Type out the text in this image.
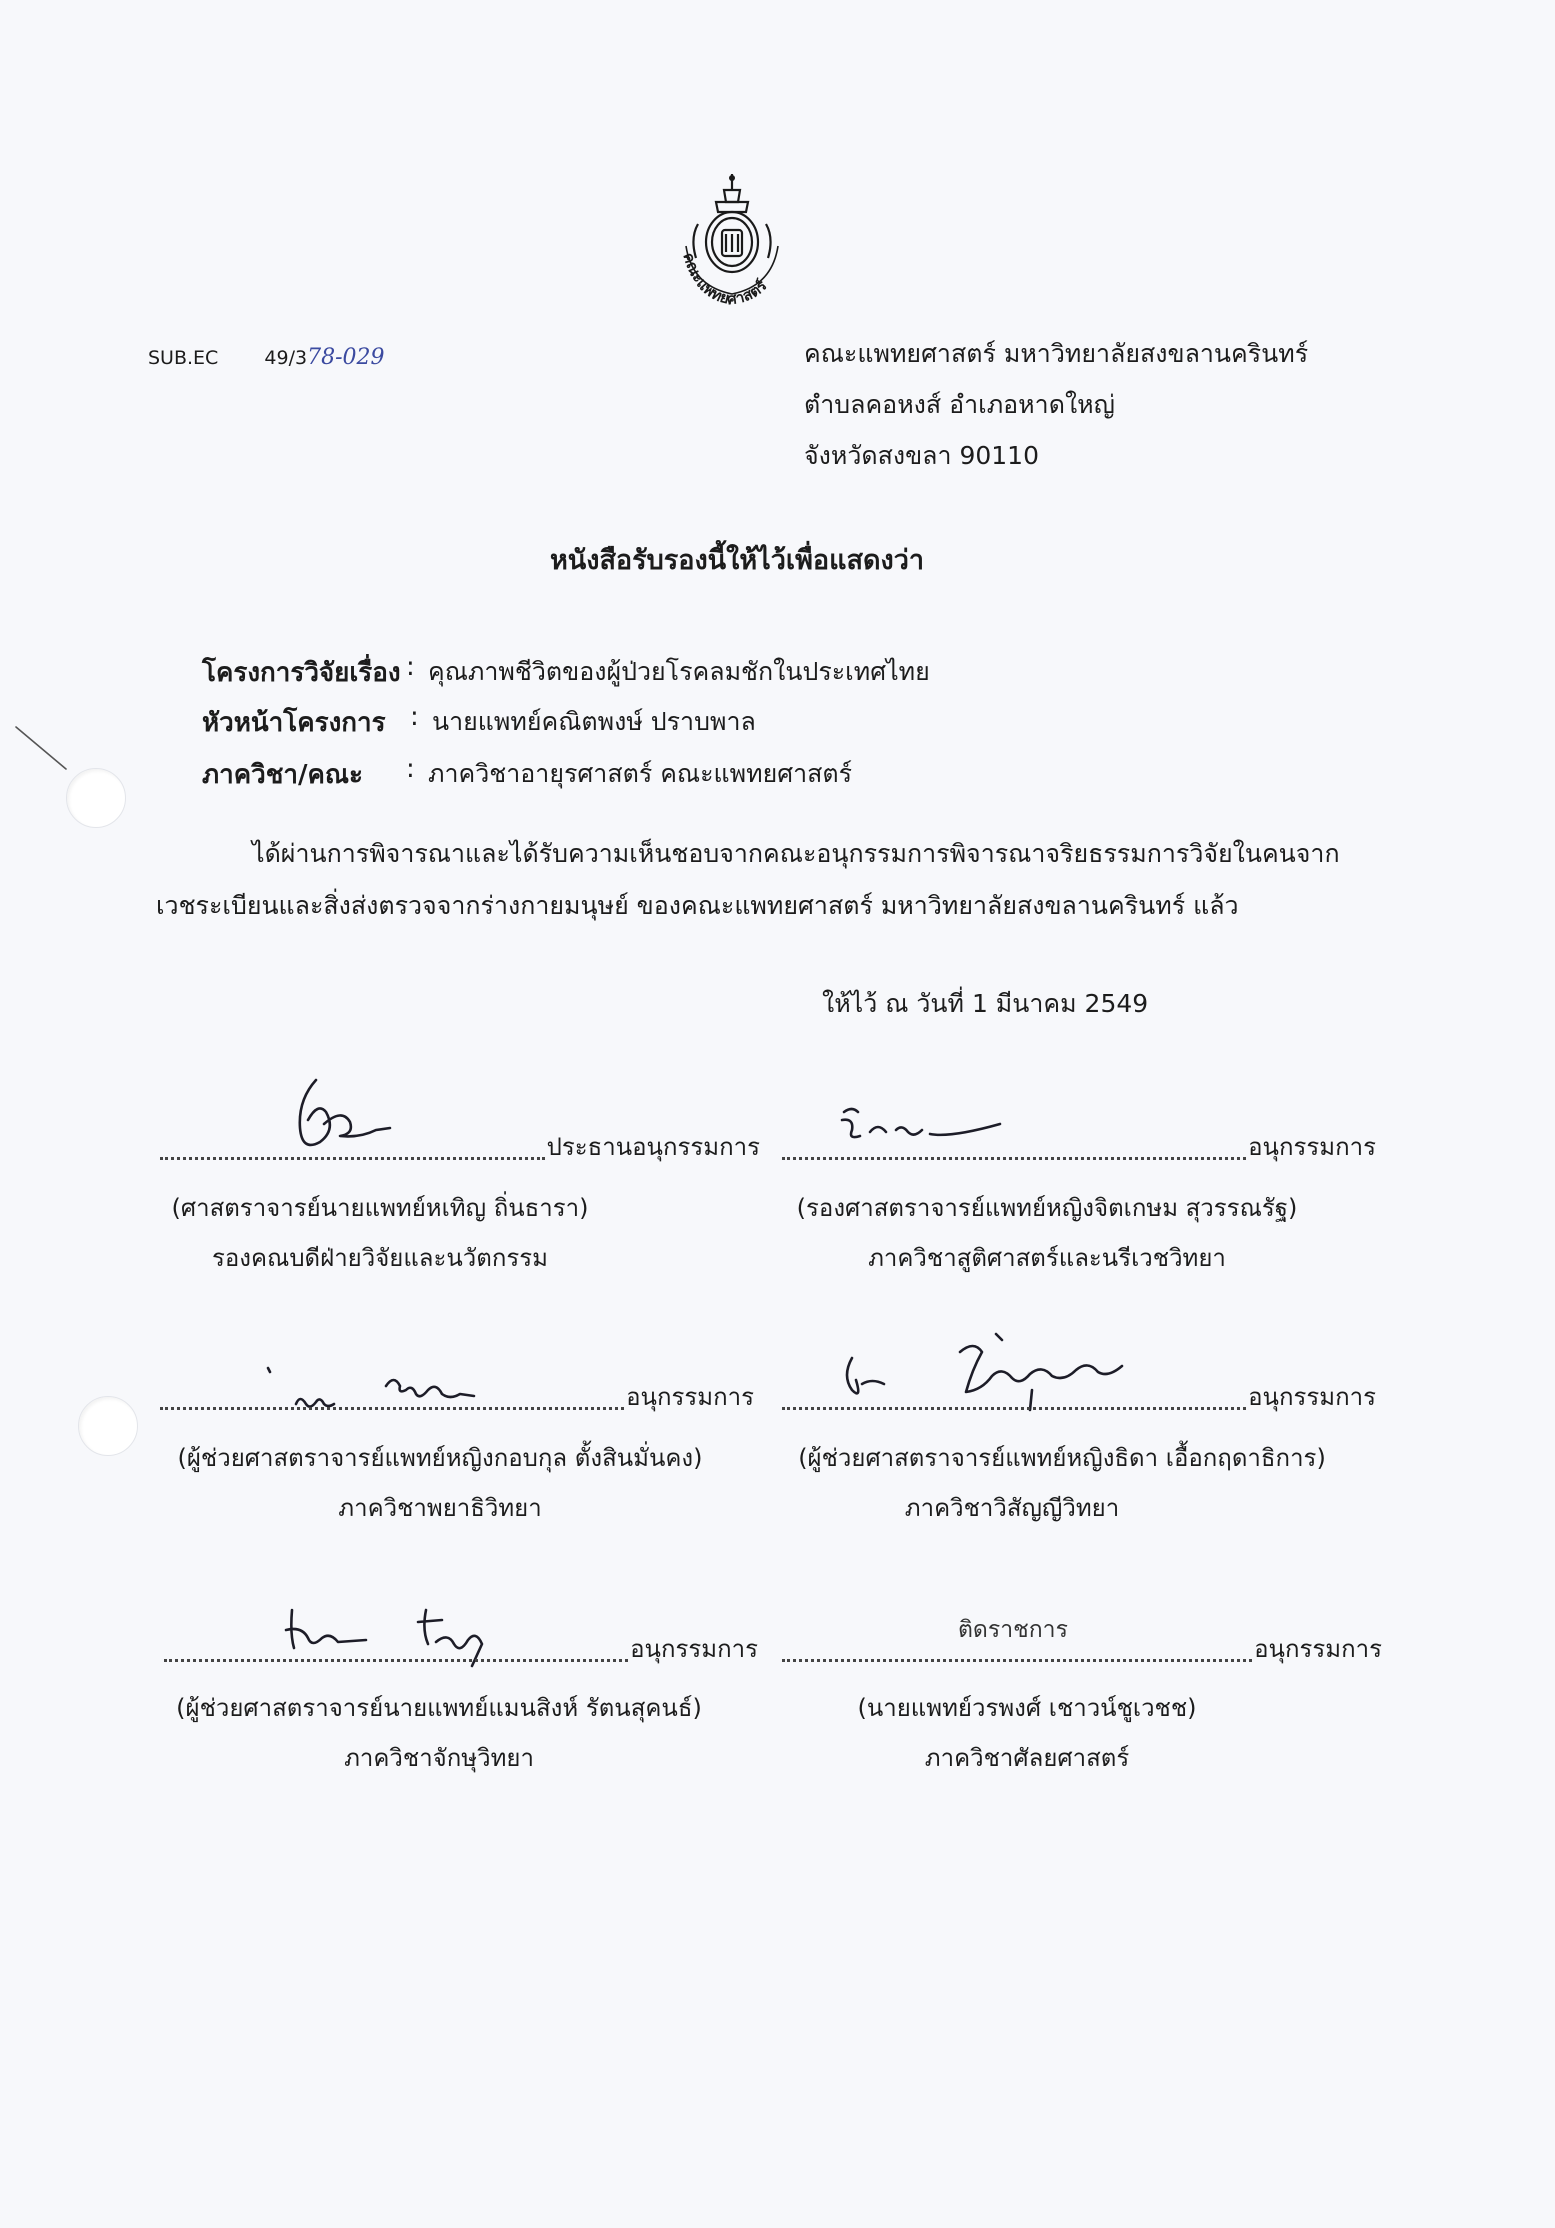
คณะแพทยศาสตร์
SUB.EC 49/378-029	คณะแพทยศาสตร์ มหาวิทยาลัยสงขลานครินทร์
ตำบลคอหงส์ อำเภอหาดใหญ่
จังหวัดสงขลา 90110
หนังสือรับรองนี้ให้ไว้เพื่อแสดงว่า
โครงการวิจัยเรื่อง : คุณภาพชีวิตของผู้ป่วยโรคลมชักในประเทศไทย
หัวหน้าโครงการ : นายแพทย์คณิตพงษ์ ปราบพาล
ภาควิชา/คณะ : ภาควิชาอายุรศาสตร์ คณะแพทยศาสตร์
ได้ผ่านการพิจารณาและได้รับความเห็นชอบจากคณะอนุกรรมการพิจารณาจริยธรรมการวิจัยในคนจาก
เวชระเบียนและสิ่งส่งตรวจจากร่างกายมนุษย์ ของคณะแพทยศาสตร์ มหาวิทยาลัยสงขลานครินทร์ แล้ว
ให้ไว้ ณ วันที่ 1 มีนาคม 2549
ประธานอนุกรรมการ
(ศาสตราจารย์นายแพทย์หเทิญ ถิ่นธารา)
รองคณบดีฝ่ายวิจัยและนวัตกรรม
อนุกรรมการ
(รองศาสตราจารย์แพทย์หญิงจิตเกษม สุวรรณรัฐ)
ภาควิชาสูติศาสตร์และนรีเวชวิทยา
อนุกรรมการ
(ผู้ช่วยศาสตราจารย์แพทย์หญิงกอบกุล ตั้งสินมั่นคง)
ภาควิชาพยาธิวิทยา
อนุกรรมการ
(ผู้ช่วยศาสตราจารย์แพทย์หญิงธิดา เอื้อกฤดาธิการ)
ภาควิชาวิสัญญีวิทยา
อนุกรรมการ
(ผู้ช่วยศาสตราจารย์นายแพทย์แมนสิงห์ รัตนสุคนธ์)
ภาควิชาจักษุวิทยา
ติดราชการ
อนุกรรมการ
(นายแพทย์วรพงศ์ เชาวน์ชูเวชช)
ภาควิชาศัลยศาสตร์
